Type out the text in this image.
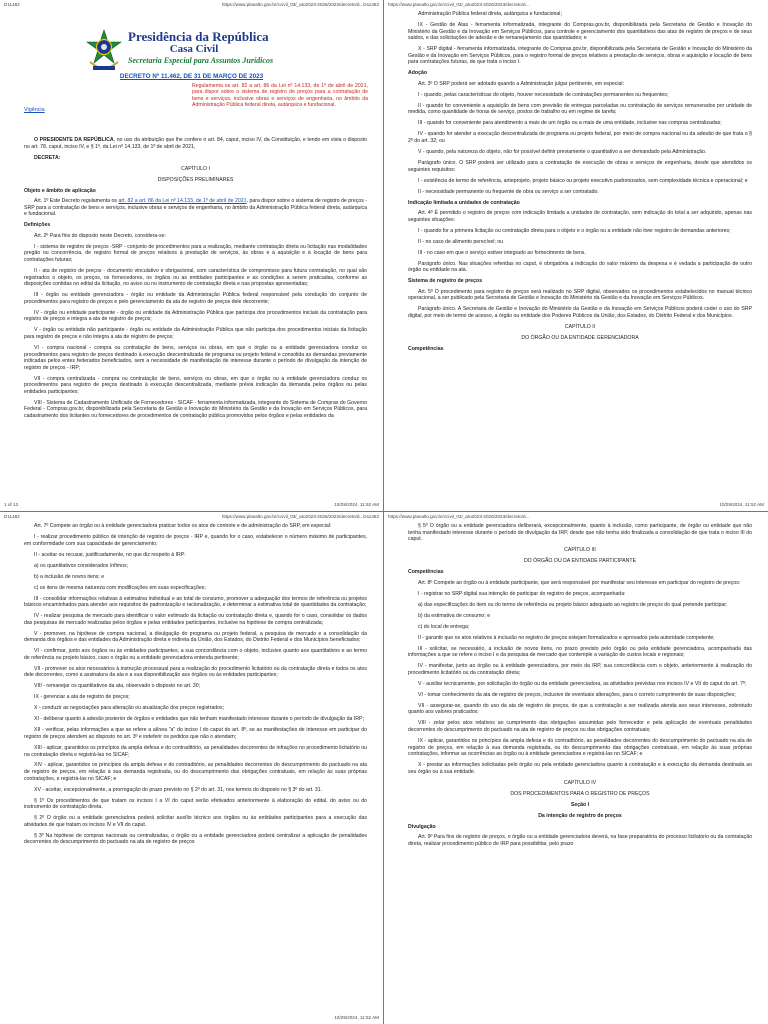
D11462	https://www.planalto.gov.br/ccivil_03/_ato2023-2026/2023/decreto/d...D11462
Presidência da República
Casa Civil
Secretaria Especial para Assuntos Jurídicos
DECRETO Nº 11.462, DE 31 DE MARÇO DE 2023
Regulamenta os art. 82 a art. 86 da Lei nº 14.133, de 1º de abril de 2021, para dispor sobre o sistema de registro de preços para a contratação de bens e serviços, inclusive obras e serviços de engenharia, no âmbito da Administração Pública federal direta, autárquica e fundacional.
Vigência

O PRESIDENTE DA REPÚBLICA, no uso da atribuição que lhe confere o art. 84, caput, inciso IV, da Constituição, e tendo em vista o disposto no art. 78, caput, inciso IV, e § 1º, da Lei nº 14.133, de 1º de abril de 2021,

DECRETA:

CAPÍTULO I
DISPOSIÇÕES PRELIMINARES
Objeto e âmbito de aplicação

Art. 1º Este Decreto regulamenta os art. 82 a art. 86 da Lei nº 14.133, de 1º de abril de 2021, para dispor sobre o sistema de registro de preços - SRP para a contratação de bens e serviços, inclusive obras e serviços de engenharia, no âmbito da Administração Pública federal direta, autárquica e fundacional.

Definições

Art. 2º Para fins do disposto neste Decreto, considera-se:

I - sistema de registro de preços -SRP - conjunto de procedimentos para a realização, mediante contratação direta ou licitação nas modalidades pregão ou concorrência, de registro formal de preços relativos à prestação de serviços, às obras e à aquisição e à locação de bens para contratações futuras;

II - ata de registro de preços - documento vinculativo e obrigacional, com característica de compromisso para futura contratação, no qual são registrados o objeto, os preços, os fornecedores, os órgãos ou as entidades participantes e as condições a serem praticadas, conforme as disposições contidas no edital da licitação, no aviso ou no instrumento de contratação direta e nas propostas apresentadas;

III - órgão ou entidade gerenciadora - órgão ou entidade da Administração Pública federal responsável pela condução do conjunto de procedimentos para registro de preços e pelo gerenciamento da ata de registro de preços dele decorrente;

IV - órgão ou entidade participante - órgão ou entidade da Administração Pública que participa dos procedimentos iniciais da contratação para registro de preços e integra a ata de registro de preços;

V - órgão ou entidade não participante - órgão ou entidade da Administração Pública que não participa dos procedimentos iniciais da licitação para registro de preços e não integra a ata de registro de preços;

VI - compra nacional - compra ou contratação de bens, serviços ou obras, em que o órgão ou a entidade gerenciadora conduz os procedimentos para registro de preços destinado à execução descentralizada de programa ou projeto federal e consolida as demandas previamente indicadas pelos entes federados beneficiados, sem a necessidade de manifestação de interesse durante o período de divulgação da intenção de registro de preços - IRP;

VII - compra centralizada - compra ou contratação de bens, serviços ou obras, em que o órgão ou a entidade gerenciadora conduz os procedimentos para registro de preços destinado à execução descentralizada, mediante prévia indicação da demanda pelos órgãos ou pelas entidades participantes;

VIII - Sistema de Cadastramento Unificado de Fornecedores - SICAF - ferramenta informatizada, integrante do Sistema de Compras do Governo Federal - Compras.gov.br, disponibilizada pela Secretaria de Gestão e Inovação do Ministério da Gestão e da Inovação em Serviços Públicos, para cadastramento dos licitantes ou fornecedores de procedimentos de contratação pública promovidos pelos órgãos e pelas entidades da

1 of 13	10/29/2024, 11:52 AM
https://www.planalto.gov.br/ccivil_03/_ato2023-2026/2023/decreto/d...

Administração Pública federal direta, autárquica e fundacional;

IX - Gestão de Atas - ferramenta informatizada, integrante do Compras.gov.br, disponibilizada pela Secretaria de Gestão e Inovação do Ministério da Gestão e da Inovação em Serviços Públicos, para controle e gerenciamento dos quantitativos das atas de registro de preços e de seus saldos, e das solicitações de adesão e de remanejamento das quantidades; e

X - SRP digital - ferramenta informatizada, integrante do Compras.gov.br, disponibilizada pela Secretaria de Gestão e Inovação do Ministério da Gestão e da Inovação em Serviços Públicos, para o registro formal de preços relativos a prestação de serviços, obras e aquisição e locação de bens para contratações futuras, de que trata o inciso I.

Adoção

Art. 3º O SRP poderá ser adotado quando a Administração julgar pertinente, em especial:

I - quando, pelas características do objeto, houver necessidade de contratações permanentes ou frequentes;

II - quando for conveniente a aquisição de bens com previsão de entregas parceladas ou contratação de serviços remunerados por unidade de medida, como quantidade de horas de serviço, postos de trabalho ou em regime de tarefa;

III - quando for conveniente para atendimento a mais de um órgão ou a mais de uma entidade, inclusive nas compras centralizadas;

IV - quando for atender a execução descentralizada de programa ou projeto federal, por meio de compra nacional ou da adesão de que trata o § 2º do art. 32; ou

V - quando, pela natureza do objeto, não for possível definir previamente o quantitativo a ser demandado pela Administração.

Parágrafo único. O SRP poderá ser utilizado para a contratação de execução de obras e serviços de engenharia, desde que atendidos os seguintes requisitos:

I - existência de termo de referência, anteprojeto, projeto básico ou projeto executivo padronizados, sem complexidade técnica e operacional; e

II - necessidade permanente ou frequente de obra ou serviço a ser contratado.

Indicação limitada a unidades de contratação

Art. 4º É permitido o registro de preços com indicação limitada a unidades de contratação, sem indicação do total a ser adquirido, apenas nas seguintes situações:

I - quando for a primeira licitação ou contratação direta para o objeto e o órgão ou a entidade não tiver registro de demandas anteriores;

II - no caso de alimento perecível; ou

III - no caso em que o serviço estiver integrado ao fornecimento de bens.

Parágrafo único. Nas situações referidas no caput, é obrigatória a indicação do valor máximo da despesa e é vedada a participação de outro órgão ou entidade na ata.

Sistema de registro de preços

Art. 5º O procedimento para registro de preços será realizado no SRP digital, observados os procedimentos estabelecidos no manual técnico operacional, a ser publicado pela Secretaria de Gestão e Inovação do Ministério da Gestão e da Inovação em Serviços Públicos.

Parágrafo único. A Secretaria de Gestão e Inovação do Ministério da Gestão e da Inovação em Serviços Públicos poderá ceder o uso do SRP digital, por meio de termo de acesso, a órgão ou entidade dos Poderes Públicos da União, dos Estados, do Distrito Federal e dos Municípios.

CAPÍTULO II
DO ÓRGÃO OU DA ENTIDADE GERENCIADORA
Competências
10/29/2024, 11:52 AM
D11462	https://www.planalto.gov.br/ccivil_03/_ato2023-2026/2023/decreto/d...D11462

Art. 7º Compete ao órgão ou à entidade gerenciadora praticar todos os atos de controle e de administração do SRP, em especial:

I - realizar procedimento público de intenção de registro de preços - IRP e, quando for o caso, estabelecer o número máximo de participantes, em conformidade com sua capacidade de gerenciamento;

II - aceitar ou recusar, justificadamente, no que diz respeito à IRP:

a) os quantitativos considerados ínfimos;

b) a inclusão de novos itens; e

c) os itens de mesma natureza com modificações em suas especificações;

III - consolidar informações relativas à estimativa individual e ao total de consumo, promover a adequação dos termos de referência ou projetos básicos encaminhados para atender aos requisitos de padronização e racionalização, e determinar a estimativa total de quantidades da contratação;

IV - realizar pesquisa de mercado para identificar o valor estimado da licitação ou contratação direta e, quando for o caso, consolidar os dados das pesquisas de mercado realizadas pelos órgãos e pelas entidades participantes, inclusive na hipótese de compra centralizada;

V - promover, na hipótese de compra nacional, a divulgação do programa ou projeto federal, a pesquisa de mercado e a consolidação da demanda dos órgãos e das entidades da Administração direta e indireta da União, dos Estados, do Distrito Federal e dos Municípios beneficiados;

VI - confirmar, junto aos órgãos ou às entidades participantes, a sua concordância com o objeto, inclusive quanto aos quantitativos e ao termo de referência ou projeto básico, caso o órgão ou a entidade gerenciadora entenda pertinente;

VII - promover os atos necessários à instrução processual para a realização do procedimento licitatório ou da contratação direta e todos os atos dele decorrentes, como a assinatura da ata e a sua disponibilização aos órgãos ou às entidades participantes;

VIII - remanejar os quantitativos da ata, observado o disposto no art. 30;

IX - gerenciar a ata de registro de preços;

X - conduzir as negociações para alteração ou atualização dos preços registrados;

XI - deliberar quanto à adesão posterior de órgãos e entidades que não tenham manifestado interesse durante o período de divulgação da IRP;

XII - verificar, pelas informações a que se refere a alínea "a" do inciso I do caput do art. 8º, se as manifestações de interesse em participar do registro de preços atendem ao disposto no art. 3º e indeferir os pedidos que não o atendam;

XIII - aplicar, garantidos os princípios da ampla defesa e do contraditório, as penalidades decorrentes de infrações no procedimento licitatório ou na contratação direta e registrá-las no SICAF;

XIV - aplicar, garantidos os princípios da ampla defesa e do contraditório, as penalidades decorrentes do descumprimento do pactuado na ata de registro de preços, em relação à sua demanda registrada, ou do descumprimento das obrigações contratuais, em relação às suas próprias contratações, e registrá-las no SICAF; e

XV - aceitar, excepcionalmente, a prorrogação do prazo previsto no § 2º do art. 31, nos termos do disposto no § 3º do art. 31.

§ 1º Os procedimentos de que tratam os incisos I a VI do caput serão efetivados anteriormente à elaboração do edital, do aviso ou do instrumento de contratação direta.

§ 2º O órgão ou a entidade gerenciadora poderá solicitar auxílio técnico aos órgãos ou às entidades participantes para a execução das atividades de que tratam os incisos IV e VII do caput.

§ 3º Na hipótese de compras nacionais ou centralizadas, o órgão ou a entidade gerenciadora poderá centralizar a aplicação de penalidades decorrentes do descumprimento do pactuado na ata de registro de preços

10/29/2024, 11:52 AM
https://www.planalto.gov.br/ccivil_03/_ato2023-2026/2023/decreto/d...

§ 5º O órgão ou a entidade gerenciadora deliberará, excepcionalmente, quanto à inclusão, como participante, de órgão ou entidade que não tenha manifestado interesse durante o período de divulgação da IRP, desde que não tenha sido finalizada a consolidação de que trata o inciso III do caput.

CAPÍTULO III
DO ÓRGÃO OU DA ENTIDADE PARTICIPANTE
Competências

Art. 8º Compete ao órgão ou à entidade participante, que será responsável por manifestar seu interesse em participar do registro de preços:

I - registrar no SRP digital sua intenção de participar do registro de preços, acompanhada:

a) das especificações do item ou do termo de referência ou projeto básico adequado ao registro de preços do qual pretende participar;

b) da estimativa de consumo; e

c) do local de entrega;

II - garantir que os atos relativos à inclusão no registro de preços estejam formalizados e aprovados pela autoridade competente;

III - solicitar, se necessário, a inclusão de novos itens, no prazo previsto pelo órgão ou pela entidade gerenciadora, acompanhada das informações a que se refere o inciso I e da pesquisa de mercado que contemple a variação de custos locais e regionais;

IV - manifestar, junto ao órgão ou à entidade gerenciadora, por meio da IRP, sua concordância com o objeto, anteriormente à realização do procedimento licitatório ou da contratação direta;

V - auxiliar tecnicamente, por solicitação do órgão ou da entidade gerenciadora, as atividades previstas nos incisos IV e VII do caput do art. 7º;

VI - tomar conhecimento da ata de registro de preços, inclusive de eventuais alterações, para o correto cumprimento de suas disposições;

VII - assegurar-se, quando do uso da ata de registro de preços, de que a contratação a ser realizada atenda aos seus interesses, sobretudo quanto aos valores praticados;

VIII - zelar pelos atos relativos ao cumprimento das obrigações assumidas pelo fornecedor e pela aplicação de eventuais penalidades decorrentes do descumprimento do pactuado na ata de registro de preços ou das obrigações contratuais;

IX - aplicar, garantidos os princípios da ampla defesa e do contraditório, as penalidades decorrentes do descumprimento do pactuado na ata de registro de preços, em relação à sua demanda registrada, ou do descumprimento das obrigações contratuais, em relação às suas próprias contratações, informar as ocorrências ao órgão ou à entidade gerenciadora e registrá-las no SICAF; e

X - prestar as informações solicitadas pelo órgão ou pela entidade gerenciadora quanto à contratação e à execução da demanda destinada ao seu órgão ou à sua entidade.

CAPÍTULO IV
DOS PROCEDIMENTOS PARA O REGISTRO DE PREÇOS
Seção I
Da intenção de registro de preços
Divulgação

Art. 9º Para fins de registro de preços, o órgão ou a entidade gerenciadora deverá, na fase preparatória do processo licitatório ou da contratação direta, realizar procedimento público de IRP para possibilitar, pelo prazo
